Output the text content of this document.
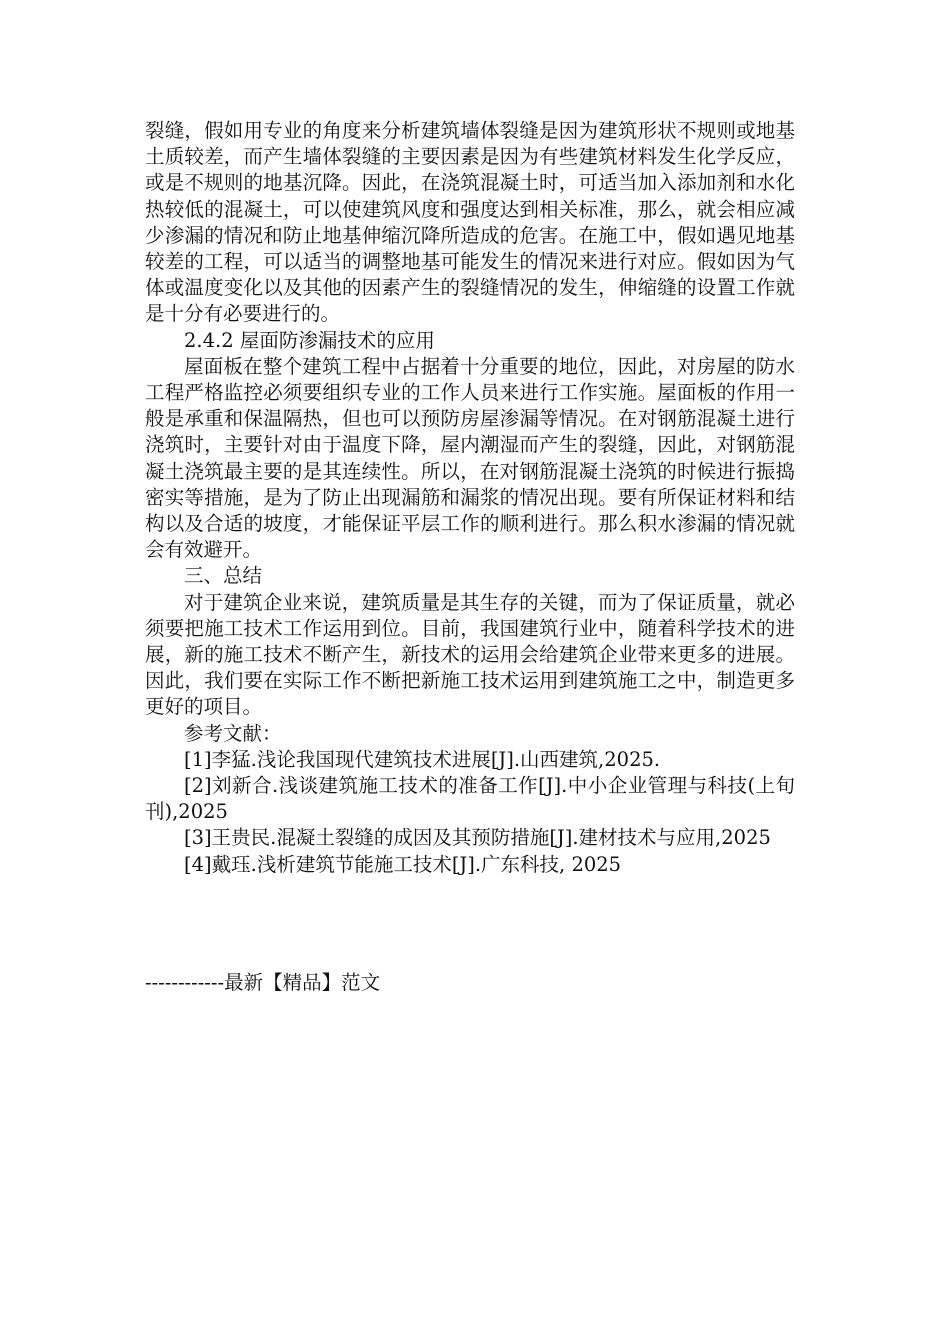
裂缝，假如用专业的角度来分析建筑墙体裂缝是因为建筑形状不规则或地基土质较差，而产生墙体裂缝的主要因素是因为有些建筑材料发生化学反应，或是不规则的地基沉降。因此，在浇筑混凝土时，可适当加入添加剂和水化热较低的混凝土，可以使建筑风度和强度达到相关标准，那么，就会相应减少渗漏的情况和防止地基伸缩沉降所造成的危害。在施工中，假如遇见地基较差的工程，可以适当的调整地基可能发生的情况来进行对应。假如因为气体或温度变化以及其他的因素产生的裂缝情况的发生，伸缩缝的设置工作就是十分有必要进行的。

2.4.2 屋面防渗漏技术的应用

屋面板在整个建筑工程中占据着十分重要的地位，因此，对房屋的防水工程严格监控必须要组织专业的工作人员来进行工作实施。屋面板的作用一般是承重和保温隔热，但也可以预防房屋渗漏等情况。在对钢筋混凝土进行浇筑时，主要针对由于温度下降，屋内潮湿而产生的裂缝，因此，对钢筋混凝土浇筑最主要的是其连续性。所以，在对钢筋混凝土浇筑的时候进行振捣密实等措施，是为了防止出现漏筋和漏浆的情况出现。要有所保证材料和结构以及合适的坡度，才能保证平层工作的顺利进行。那么积水渗漏的情况就会有效避开。

三、总结

对于建筑企业来说，建筑质量是其生存的关键，而为了保证质量，就必须要把施工技术工作运用到位。目前，我国建筑行业中，随着科学技术的进展，新的施工技术不断产生，新技术的运用会给建筑企业带来更多的进展。因此，我们要在实际工作不断把新施工技术运用到建筑施工之中，制造更多更好的项目。

参考文献：

[1]李猛.浅论我国现代建筑技术进展[J].山西建筑,2025.

[2]刘新合.浅谈建筑施工技术的准备工作[J].中小企业管理与科技(上旬刊),2025

[3]王贵民.混凝土裂缝的成因及其预防措施[J].建材技术与应用,2025

[4]戴珏.浅析建筑节能施工技术[J].广东科技, 2025

------------最新【精品】范文
